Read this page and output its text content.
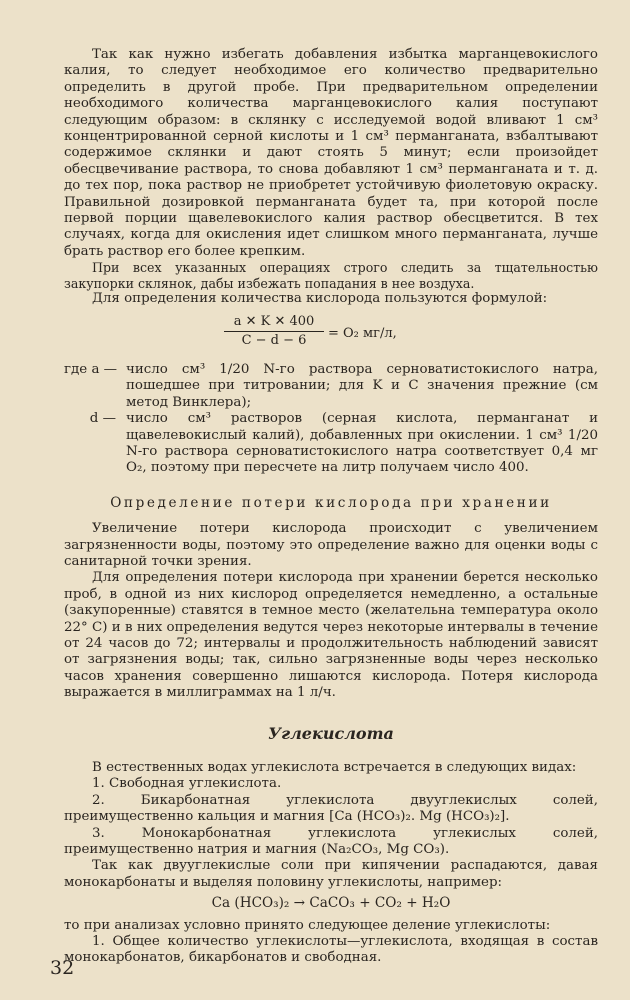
Так как нужно избегать добавления избытка марганцевокислого калия, то следует необходимое его количество предварительно определить в другой пробе. При предварительном определении необходимого количества марганцевокислого калия поступают следующим образом: в склянку с исследуемой водой вливают 1 см³ концентрированной серной кислоты и 1 см³ перманганата, взбалтывают содержимое склянки и дают стоять 5 минут; если произойдет обесцвечивание раствора, то снова добавляют 1 см³ перманганата и т. д. до тех пор, пока раствор не приобретет устойчивую фиолетовую окраску. Правильной дозировкой перманганата будет та, при которой после первой порции щавелевокислого калия раствор обесцветится. В тех случаях, когда для окисления идет слишком много перманганата, лучше брать раствор его более крепким.

При всех указанных операциях строго следить за тщательностью закупорки склянок, дабы избежать попадания в нее воздуха.

Для определения количества кислорода пользуются формулой:

$\frac{a ✕ K ✕ 400}{C - d - 6} = O_2$ мг/л,

где a — число см³ 1/20 N-го раствора серноватистокислого натра, пошедшее при титровании; для K и C значения прежние (см метод Винклера);

d — число см³ растворов (серная кислота, перманганат и щавелевокислый калий), добавленных при окислении. 1 см³ 1/20 N-го раствора серноватистокислого натра соответствует 0,4 мг O₂, поэтому при пересчете на литр получаем число 400.

Определение потери кислорода при хранении

Увеличение потери кислорода происходит с увеличением загрязненности воды, поэтому это определение важно для оценки воды с санитарной точки зрения.

Для определения потери кислорода при хранении берется несколько проб, в одной из них кислород определяется немедленно, а остальные (закупоренные) ставятся в темное место (желательна температура около 22° C) и в них определения ведутся через некоторые интервалы в течение от 24 часов до 72; интервалы и продолжительность наблюдений зависят от загрязнения воды; так, сильно загрязненные воды через несколько часов хранения совершенно лишаются кислорода. Потеря кислорода выражается в миллиграммах на 1 л/ч.

Углекислота

В естественных водах углекислота встречается в следующих видах:

1. Свободная углекислота.

2. Бикарбонатная углекислота двууглекислых солей, преимущественно кальция и магния [Ca (HCO₃)₂. Mg (HCO₃)₂].

3. Монокарбонатная углекислота углекислых солей, преимущественно натрия и магния (Na₂CO₃, Mg CO₃).

Так как двууглекислые соли при кипячении распадаются, давая монокарбонаты и выделяя половину углекислоты, например:

Ca (HCO₃)₂ → CaCO₃ + CO₂ + H₂O

то при анализах условно принято следующее деление углекислоты:

1. Общее количество углекислоты—углекислота, входящая в состав монокарбонатов, бикарбонатов и свободная.

32
